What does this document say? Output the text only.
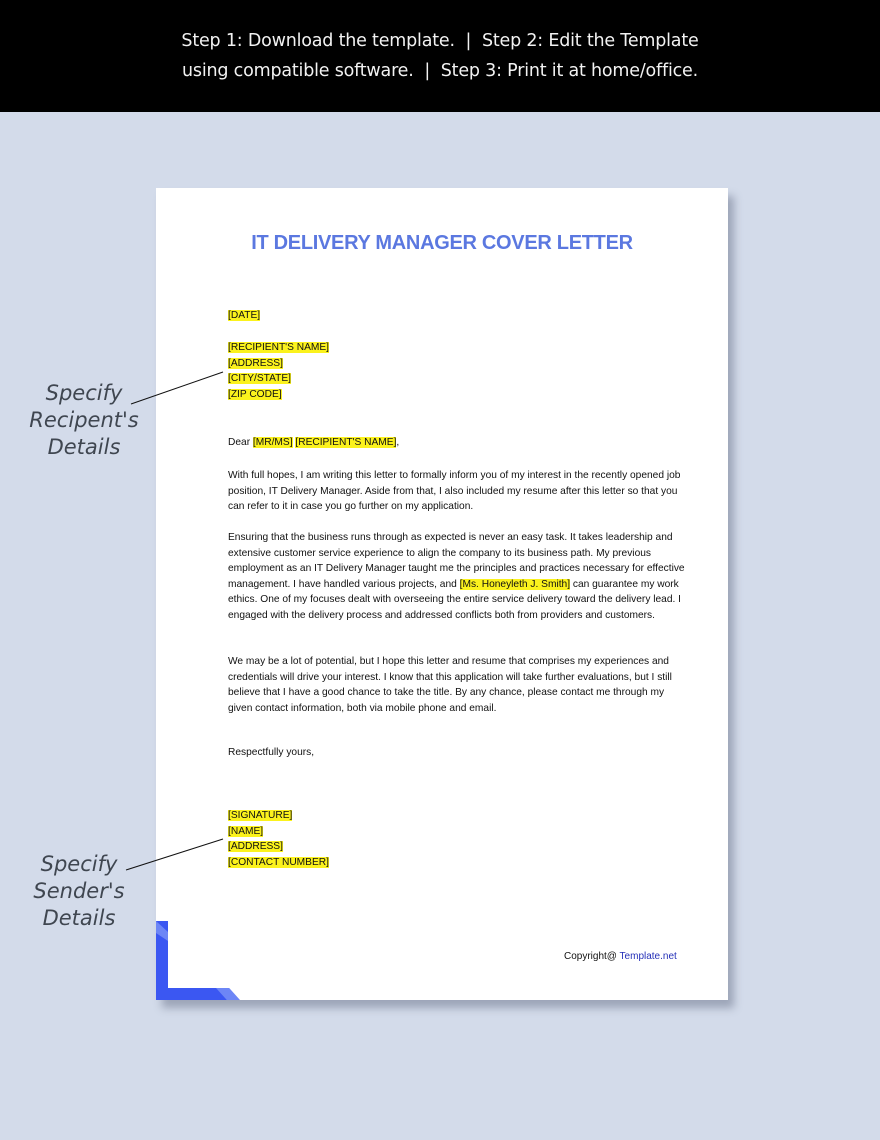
Step 1: Download the template.  |  Step 2: Edit the Template
using compatible software.  |  Step 3: Print it at home/office.
Specify
Recipent's
Details
Specify
Sender's
Details
IT DELIVERY MANAGER COVER LETTER
[DATE]
[RECIPIENT'S NAME]
[ADDRESS]
[CITY/STATE]
[ZIP CODE]
Dear [MR/MS] [RECIPIENT'S NAME],
With full hopes, I am writing this letter to formally inform you of my interest in the recently opened job position, IT Delivery Manager. Aside from that, I also included my resume after this letter so that you can refer to it in case you go further on my application.
Ensuring that the business runs through as expected is never an easy task. It takes leadership and extensive customer service experience to align the company to its business path. My previous employment as an IT Delivery Manager taught me the principles and practices necessary for effective management. I have handled various projects, and [Ms. Honeyleth J. Smith] can guarantee my work ethics. One of my focuses dealt with overseeing the entire service delivery toward the delivery lead. I engaged with the delivery process and addressed conflicts both from providers and customers.
We may be a lot of potential, but I hope this letter and resume that comprises my experiences and credentials will drive your interest. I know that this application will take further evaluations, but I still believe that I have a good chance to take the title. By any chance, please contact me through my given contact information, both via mobile phone and email.
Respectfully yours,
[SIGNATURE]
[NAME]
[ADDRESS]
[CONTACT NUMBER]
Copyright@ Template.net
